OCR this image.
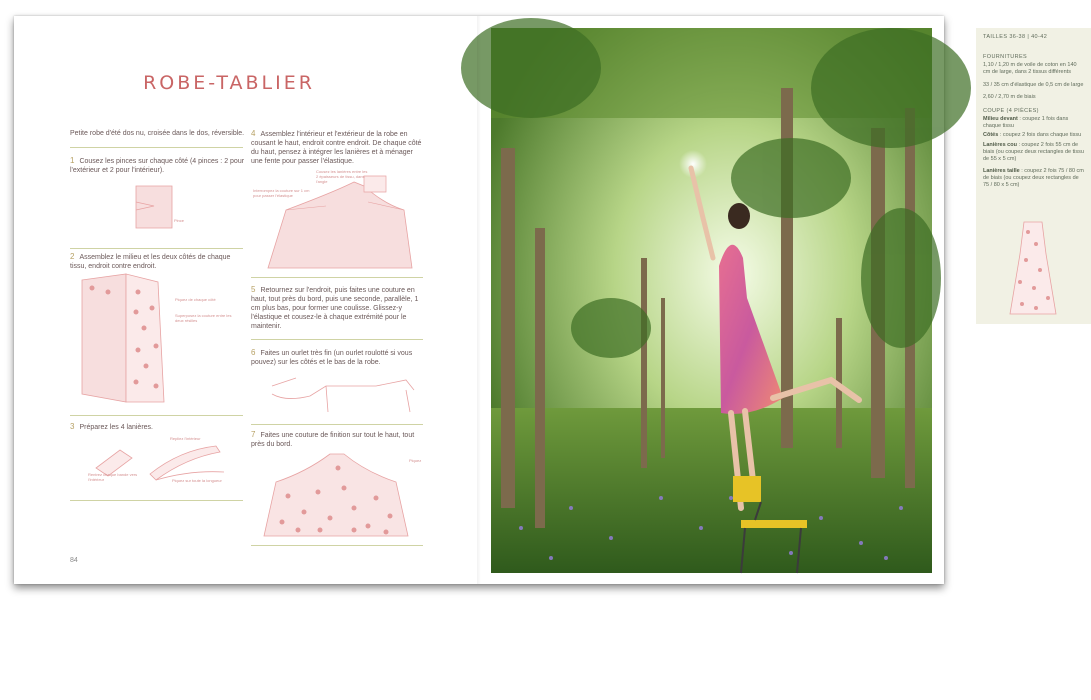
ROBE-TABLIER
Petite robe d'été dos nu, croisée dans le dos, réversible.
1 Cousez les pinces sur chaque côté (4 pinces : 2 pour l'extérieur et 2 pour l'intérieur).
Pince
2 Assemblez le milieu et les deux côtés de chaque tissu, endroit contre endroit.
Piquez de chaque côté
Superposez la couture entre les deux résilles
3 Préparez les 4 lanières.
Rentrez chaque bande vers l'intérieur
Repliez l'intérieur
Piquez sur toute la longueur
84
4 Assemblez l'intérieur et l'extérieur de la robe en cousant le haut, endroit contre endroit. De chaque côté du haut, pensez à intégrer les lanières et à ménager une fente pour passer l'élastique.
Cousez les lanières entre les 2 épaisseurs de tissu, dans l'angle
Interrompez la couture sur 1 cm pour passer l'élastique
5 Retournez sur l'endroit, puis faites une couture en haut, tout près du bord, puis une seconde, parallèle, 1 cm plus bas, pour former une coulisse. Glissez-y l'élastique et cousez-le à chaque extrémité pour le maintenir.
6 Faites un ourlet très fin (un ourlet roulotté si vous pouvez) sur les côtés et le bas de la robe.
7 Faites une couture de finition sur tout le haut, tout près du bord.
Piquez
TAILLES 36-38 | 40-42
FOURNITURES
1,10 / 1,20 m de voile de coton en 140 cm de large, dans 2 tissus différents
33 / 35 cm d'élastique de 0,5 cm de large
2,60 / 2,70 m de biais
COUPE (4 PIÈCES)
Milieu devant : coupez 1 fois dans chaque tissu
Côtés : coupez 2 fois dans chaque tissu
Lanières cou : coupez 2 fois 55 cm de biais (ou coupez deux rectangles de tissu de 55 x 5 cm)
Lanières taille : coupez 2 fois 75 / 80 cm de biais (ou coupez deux rectangles de 75 / 80 x 5 cm)
